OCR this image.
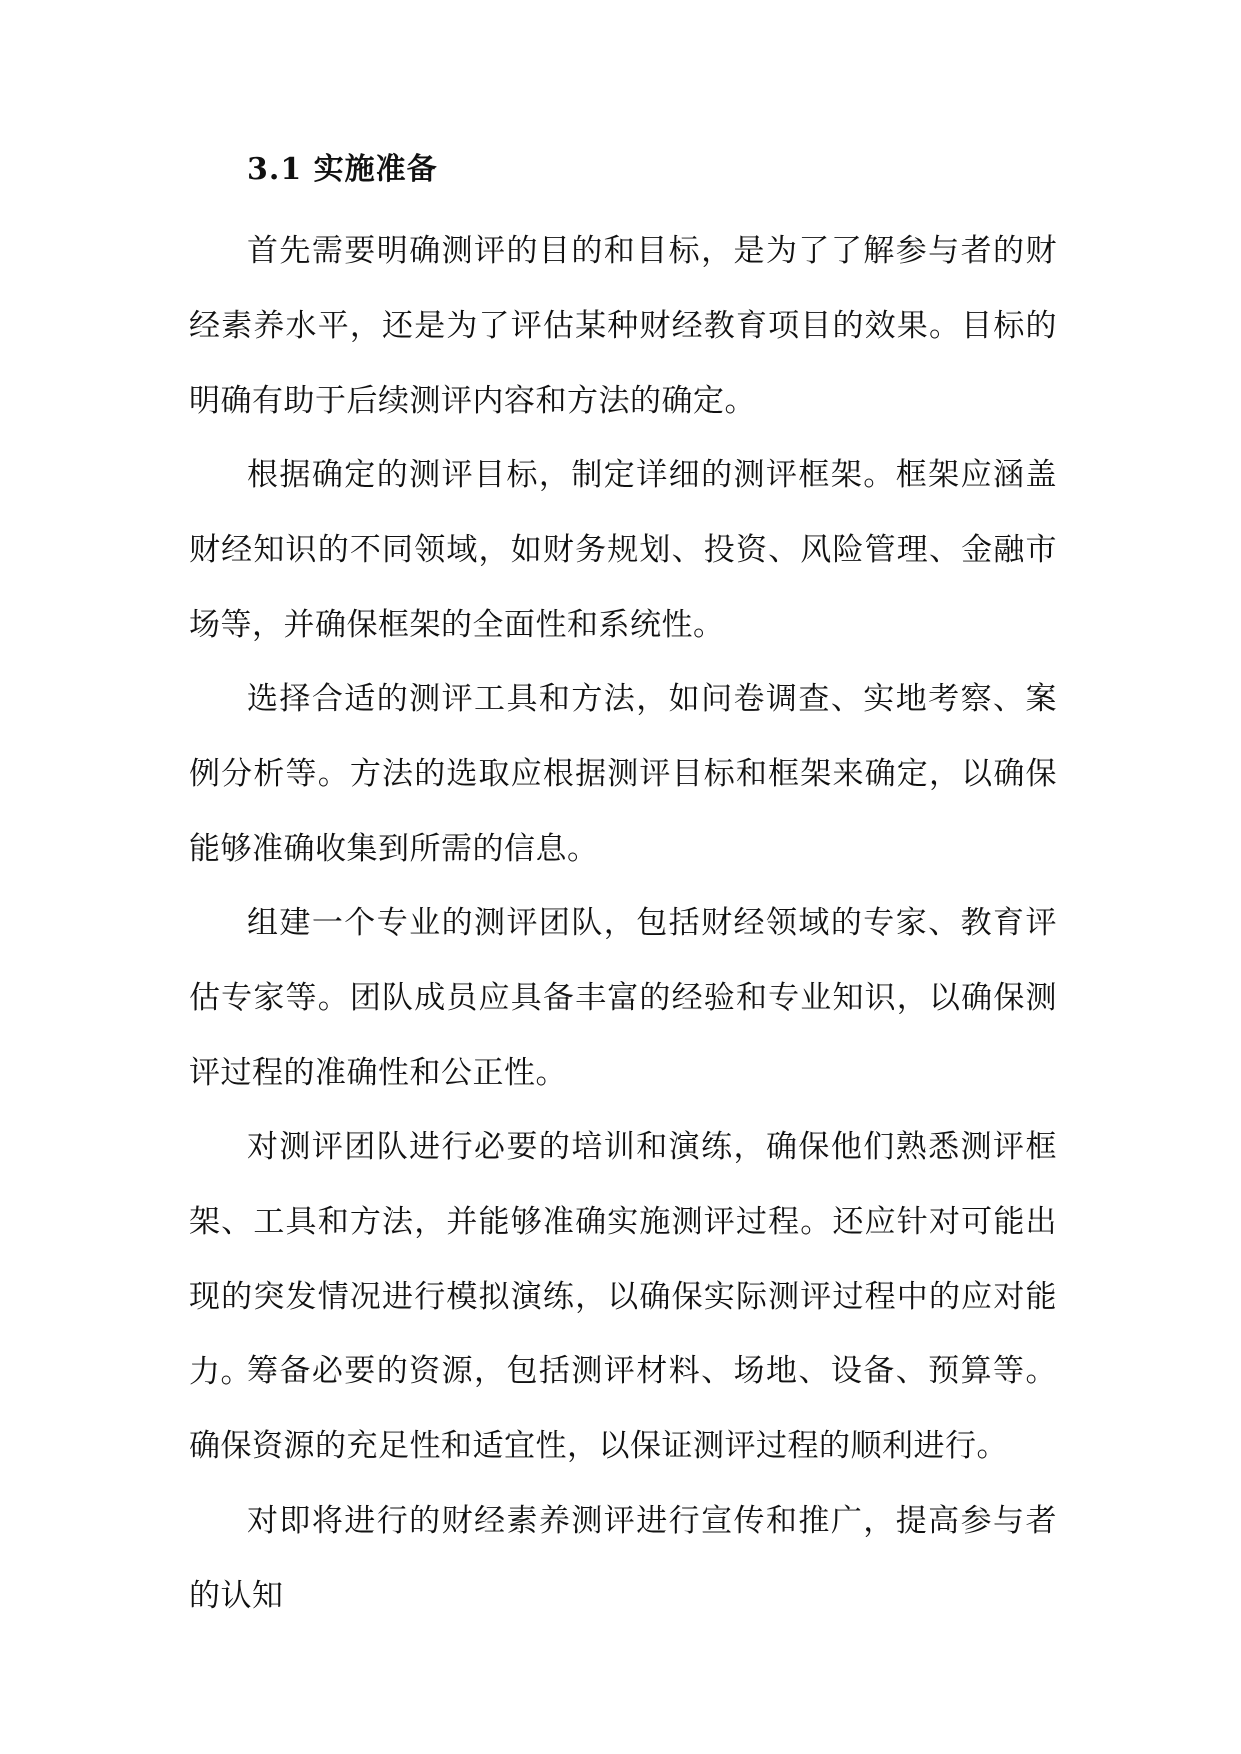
3.1 实施准备

首先需要明确测评的目的和目标，是为了了解参与者的财经素养水平，还是为了评估某种财经教育项目的效果。目标的明确有助于后续测评内容和方法的确定。

根据确定的测评目标，制定详细的测评框架。框架应涵盖财经知识的不同领域，如财务规划、投资、风险管理、金融市场等，并确保框架的全面性和系统性。

选择合适的测评工具和方法，如问卷调查、实地考察、案例分析等。方法的选取应根据测评目标和框架来确定，以确保能够准确收集到所需的信息。

组建一个专业的测评团队，包括财经领域的专家、教育评估专家等。团队成员应具备丰富的经验和专业知识，以确保测评过程的准确性和公正性。

对测评团队进行必要的培训和演练，确保他们熟悉测评框架、工具和方法，并能够准确实施测评过程。还应针对可能出现的突发情况进行模拟演练，以确保实际测评过程中的应对能力。

筹备必要的资源，包括测评材料、场地、设备、预算等。确保资源的充足性和适宜性，以保证测评过程的顺利进行。

对即将进行的财经素养测评进行宣传和推广，提高参与者的认知
